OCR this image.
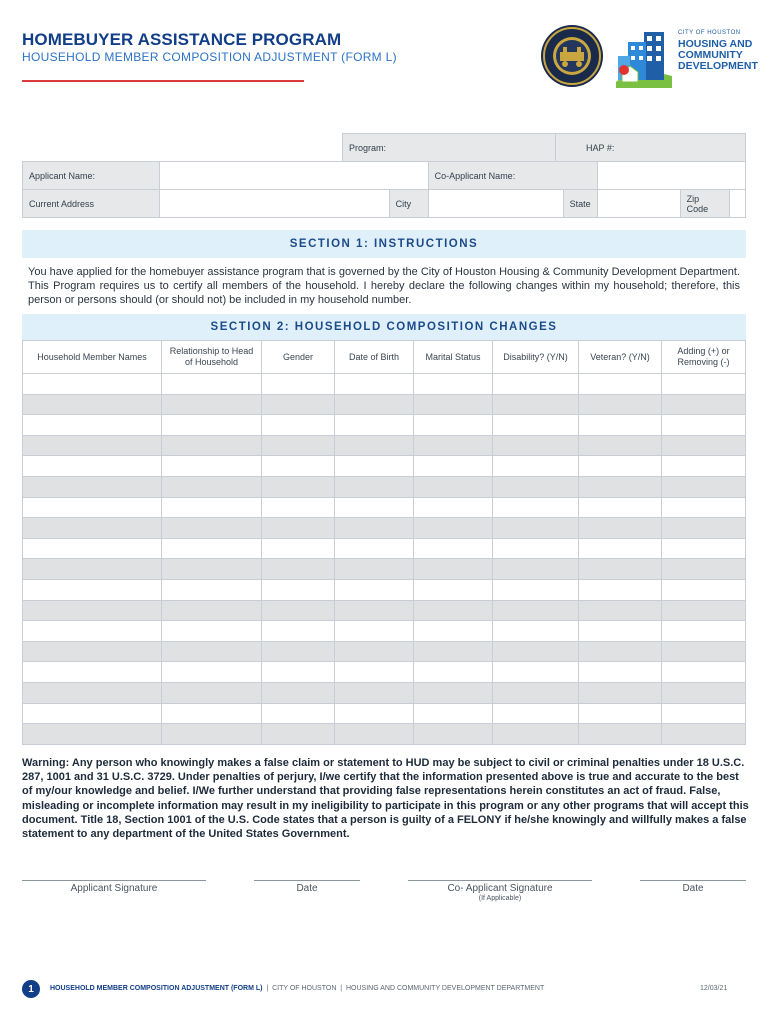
HOMEBUYER ASSISTANCE PROGRAM
HOUSEHOLD MEMBER COMPOSITION ADJUSTMENT (FORM L)
CITY OF HOUSTON
HOUSING AND
COMMUNITY
DEVELOPMENT
Program:	HAP #:
Applicant Name:			Co-Applicant Name:				
Current Address		City		State		Zip Code	
SECTION 1: INSTRUCTIONS
You have applied for the homebuyer assistance program that is governed by the City of Houston Housing & Community Development Department. This Program requires us to certify all members of the household. I hereby declare the following changes within my household; therefore, this person or persons should (or should not) be included in my household number.
SECTION 2: HOUSEHOLD COMPOSITION CHANGES
Household Member Names	Relationship to Head of Household	Gender	Date of Birth	Marital Status	Disability? (Y/N)	Veteran? (Y/N)	Adding (+) or Removing (-)

Warning: Any person who knowingly makes a false claim or statement to HUD may be subject to civil or criminal penalties under 18 U.S.C. 287, 1001 and 31 U.S.C. 3729. Under penalties of perjury, I/we certify that the information presented above is true and accurate to the best of my/our knowledge and belief. I/We further understand that providing false representations herein constitutes an act of fraud. False, misleading or incomplete information may result in my ineligibility to participate in this program or any other programs that will accept this document. Title 18, Section 1001 of the U.S. Code states that a person is guilty of a FELONY if he/she knowingly and willfully makes a false statement to any department of the United States Government.
Applicant Signature	Date	Co- Applicant Signature
(If Applicable)
Date
1	HOUSEHOLD MEMBER COMPOSITION ADJUSTMENT (FORM L)  |  CITY OF HOUSTON  |  HOUSING AND COMMUNITY DEVELOPMENT DEPARTMENT	12/03/21
